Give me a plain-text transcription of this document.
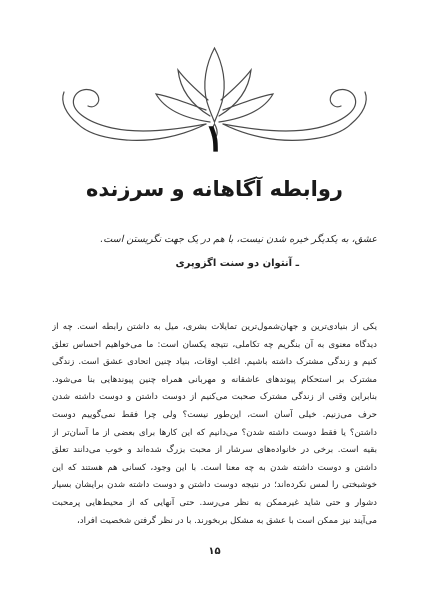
۱
روابطه آگاهانه و سرزنده
عشق، به یکدیگر خیره شدن نیست، با هم در یک جهت نگریستن است.
ـ آنتوان دو سنت اگزوپری
یکی از بنیادی‌ترین و جهان‌شمول‌ترین تمایلات بشری، میل به داشتن رابطه است. چه از
دیدگاه معنوی به آن بنگریم چه تکاملی، نتیجه یکسان است: ما می‌خواهیم احساس تعلق
کنیم و زندگی مشترک داشته باشیم. اغلب اوقات، بنیاد چنین اتحادی عشق است. زندگی
مشترک بر استحکام پیوندهای عاشقانه و مهربانی همراه چنین پیوندهایی بنا می‌شود.
بنابراین وقتی از زندگی مشترک صحبت می‌کنیم از دوست داشتن و دوست داشته شدن
حرف می‌زنیم. خیلی آسان است، این‌طور نیست؟ ولی چرا فقط نمی‌گوییم دوست
داشتن؟ یا فقط دوست داشته شدن؟ می‌دانیم که این کارها برای بعضی از ما آسان‌تر از
بقیه است. برخی در خانواده‌های سرشار از محبت بزرگ شده‌اند و خوب می‌دانند تعلق
داشتن و دوست داشته شدن به چه معنا است. با این وجود، کسانی هم هستند که این
خوشبختی را لمس نکرده‌اند؛ در نتیجه دوست داشتن و دوست داشته شدن برایشان بسیار
دشوار و حتی شاید غیرممکن به نظر می‌رسد. حتی آنهایی که از محیط‌هایی پرمحبت
می‌آیند نیز ممکن است با عشق به مشکل بربخورند. با در نظر گرفتن شخصیت افراد،
۱۵
